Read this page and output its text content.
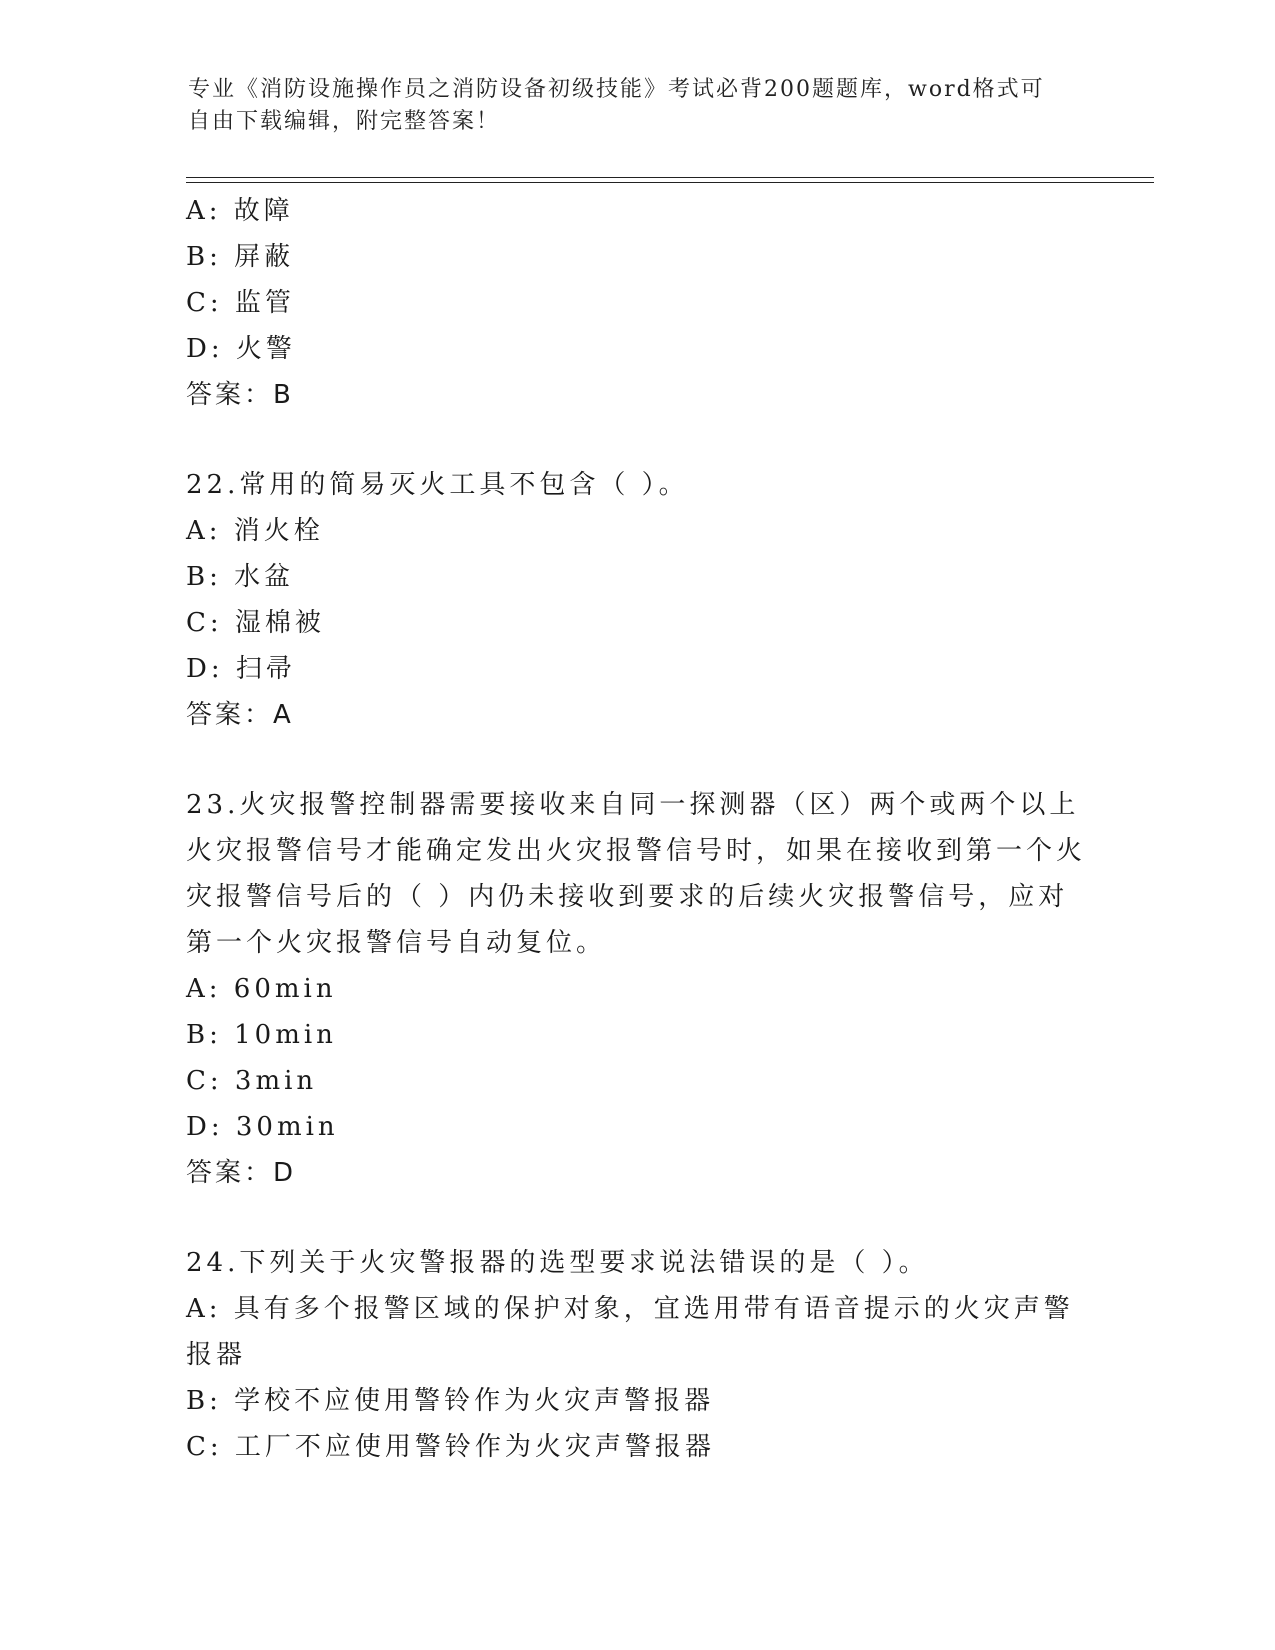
专业《消防设施操作员之消防设备初级技能》考试必背200题题库，word格式可自由下载编辑，附完整答案！
A: 故障
B: 屏蔽
C: 监管
D: 火警
答案：B
22.常用的简易灭火工具不包含（ ）。
A: 消火栓
B: 水盆
C: 湿棉被
D: 扫帚
答案：A
23.火灾报警控制器需要接收来自同一探测器（区）两个或两个以上火灾报警信号才能确定发出火灾报警信号时，如果在接收到第一个火灾报警信号后的（ ）内仍未接收到要求的后续火灾报警信号，应对第一个火灾报警信号自动复位。
A: 60min
B: 10min
C: 3min
D: 30min
答案：D
24.下列关于火灾警报器的选型要求说法错误的是（ ）。
A: 具有多个报警区域的保护对象，宜选用带有语音提示的火灾声警报器
B: 学校不应使用警铃作为火灾声警报器
C: 工厂不应使用警铃作为火灾声警报器
